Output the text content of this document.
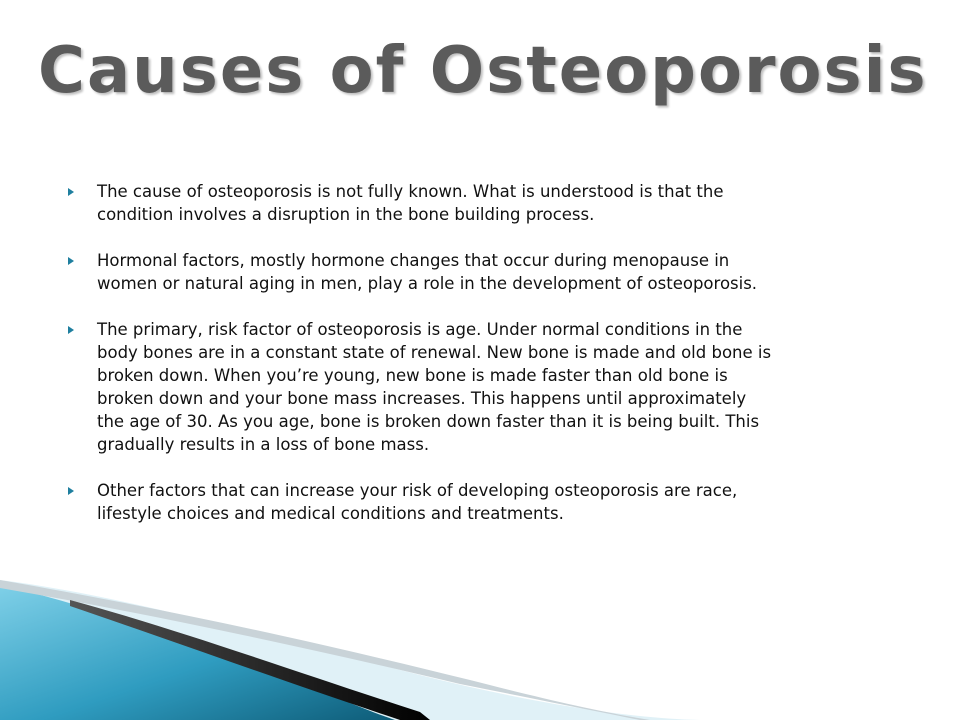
Causes of Osteoporosis
The cause of osteoporosis is not fully known. What is understood is that the condition involves a disruption in the bone building process.
Hormonal factors, mostly hormone changes that occur during menopause in women or natural aging in men, play a role in the development of osteoporosis.
The primary, risk factor of osteoporosis is age. Under normal conditions in the body bones are in a constant state of renewal. New bone is made and old bone is broken down. When you’re young, new bone is made faster than old bone is broken down and your bone mass increases. This happens until approximately the age of 30. As you age, bone is broken down faster than it is being built. This gradually results in a loss of bone mass.
Other factors that can increase your risk of developing osteoporosis are race, lifestyle choices and medical conditions and treatments.
